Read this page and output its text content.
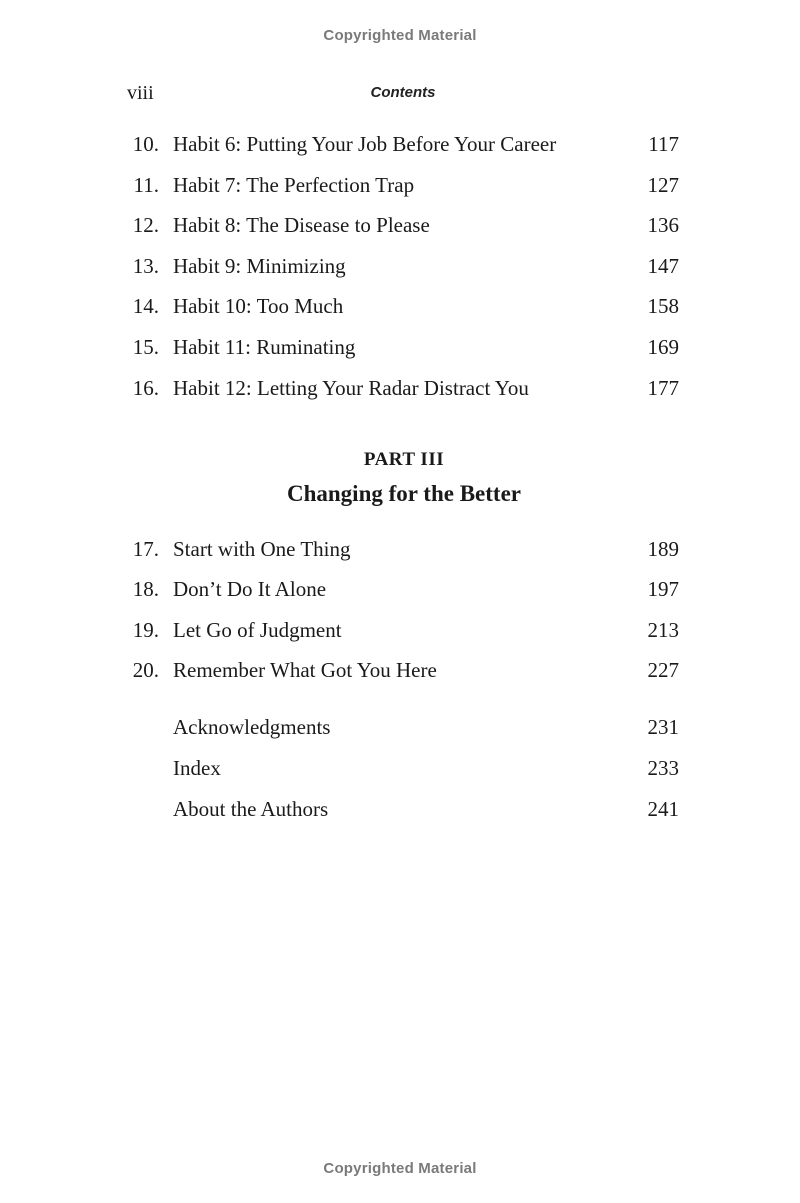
Copyrighted Material
viii	Contents
10. Habit 6: Putting Your Job Before Your Career	117
11. Habit 7: The Perfection Trap	127
12. Habit 8: The Disease to Please	136
13. Habit 9: Minimizing	147
14. Habit 10: Too Much	158
15. Habit 11: Ruminating	169
16. Habit 12: Letting Your Radar Distract You	177
PART III
Changing for the Better
17. Start with One Thing	189
18. Don’t Do It Alone	197
19. Let Go of Judgment	213
20. Remember What Got You Here	227
Acknowledgments	231
Index	233
About the Authors	241
Copyrighted Material
